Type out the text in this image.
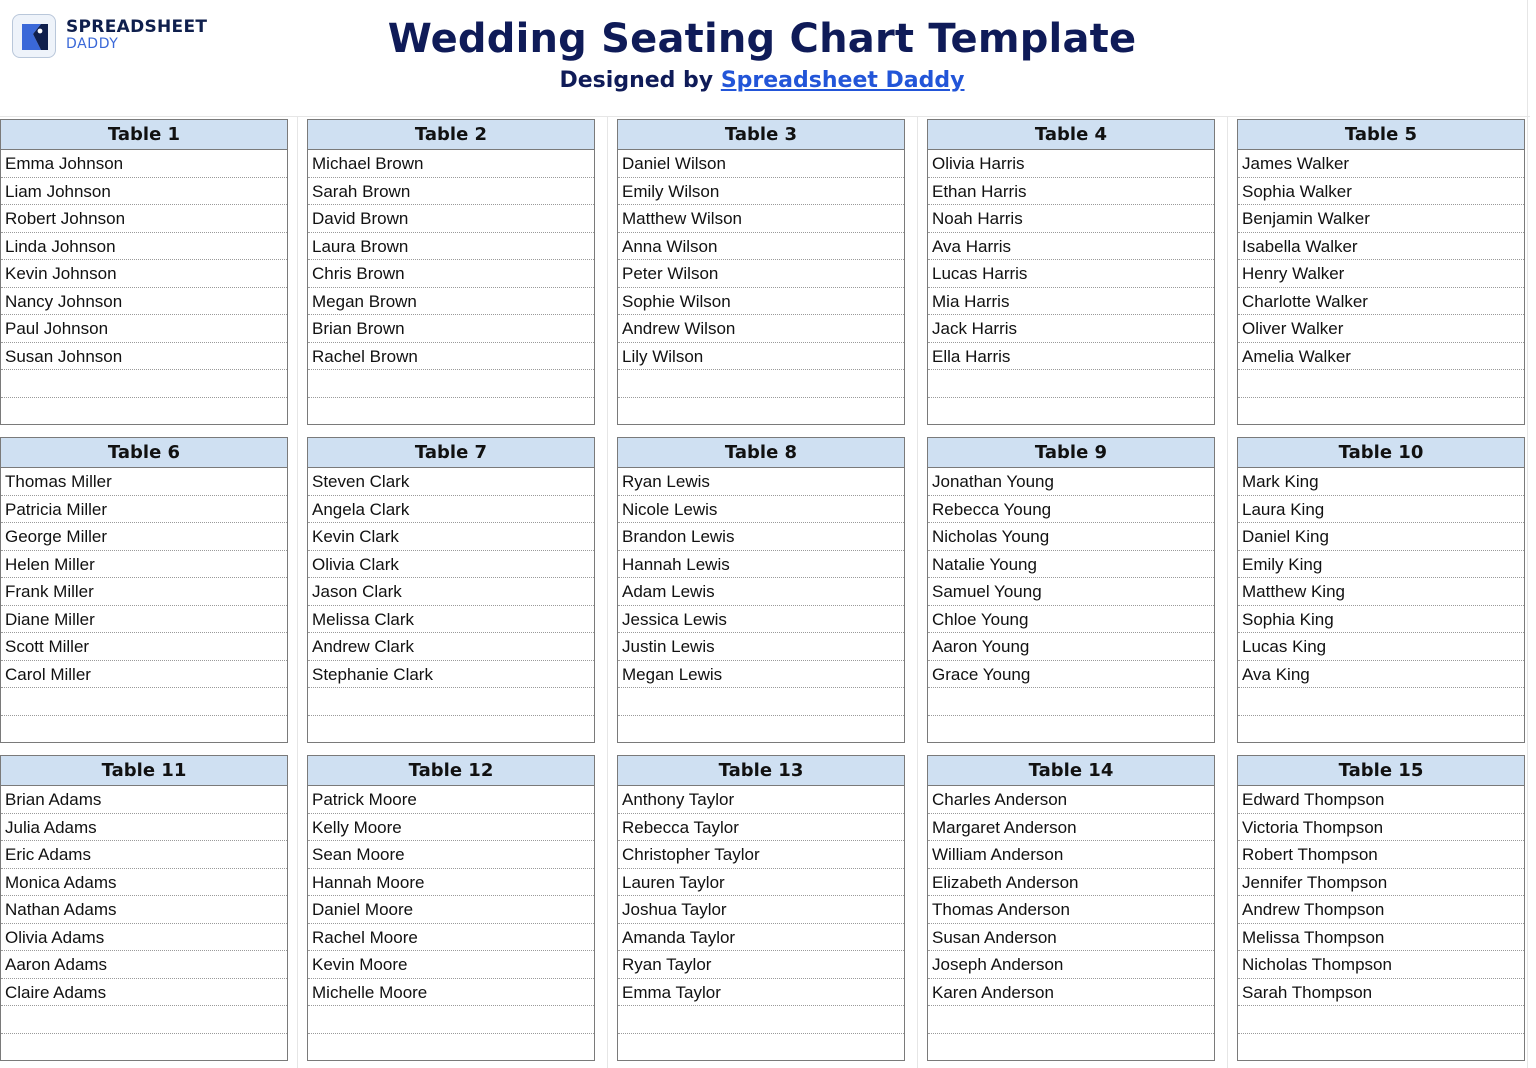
SPREADSHEET
DADDY	Wedding Seating Chart Template
Designed by Spreadsheet Daddy
Table 1
Emma Johnson
Liam Johnson
Robert Johnson
Linda Johnson
Kevin Johnson
Nancy Johnson
Paul Johnson
Susan Johnson
Table 2
Michael Brown
Sarah Brown
David Brown
Laura Brown
Chris Brown
Megan Brown
Brian Brown
Rachel Brown
Table 3
Daniel Wilson
Emily Wilson
Matthew Wilson
Anna Wilson
Peter Wilson
Sophie Wilson
Andrew Wilson
Lily Wilson
Table 4
Olivia Harris
Ethan Harris
Noah Harris
Ava Harris
Lucas Harris
Mia Harris
Jack Harris
Ella Harris
Table 5
James Walker
Sophia Walker
Benjamin Walker
Isabella Walker
Henry Walker
Charlotte Walker
Oliver Walker
Amelia Walker
Table 6
Thomas Miller
Patricia Miller
George Miller
Helen Miller
Frank Miller
Diane Miller
Scott Miller
Carol Miller
Table 7
Steven Clark
Angela Clark
Kevin Clark
Olivia Clark
Jason Clark
Melissa Clark
Andrew Clark
Stephanie Clark
Table 8
Ryan Lewis
Nicole Lewis
Brandon Lewis
Hannah Lewis
Adam Lewis
Jessica Lewis
Justin Lewis
Megan Lewis
Table 9
Jonathan Young
Rebecca Young
Nicholas Young
Natalie Young
Samuel Young
Chloe Young
Aaron Young
Grace Young
Table 10
Mark King
Laura King
Daniel King
Emily King
Matthew King
Sophia King
Lucas King
Ava King
Table 11
Brian Adams
Julia Adams
Eric Adams
Monica Adams
Nathan Adams
Olivia Adams
Aaron Adams
Claire Adams
Table 12
Patrick Moore
Kelly Moore
Sean Moore
Hannah Moore
Daniel Moore
Rachel Moore
Kevin Moore
Michelle Moore
Table 13
Anthony Taylor
Rebecca Taylor
Christopher Taylor
Lauren Taylor
Joshua Taylor
Amanda Taylor
Ryan Taylor
Emma Taylor
Table 14
Charles Anderson
Margaret Anderson
William Anderson
Elizabeth Anderson
Thomas Anderson
Susan Anderson
Joseph Anderson
Karen Anderson
Table 15
Edward Thompson
Victoria Thompson
Robert Thompson
Jennifer Thompson
Andrew Thompson
Melissa Thompson
Nicholas Thompson
Sarah Thompson
